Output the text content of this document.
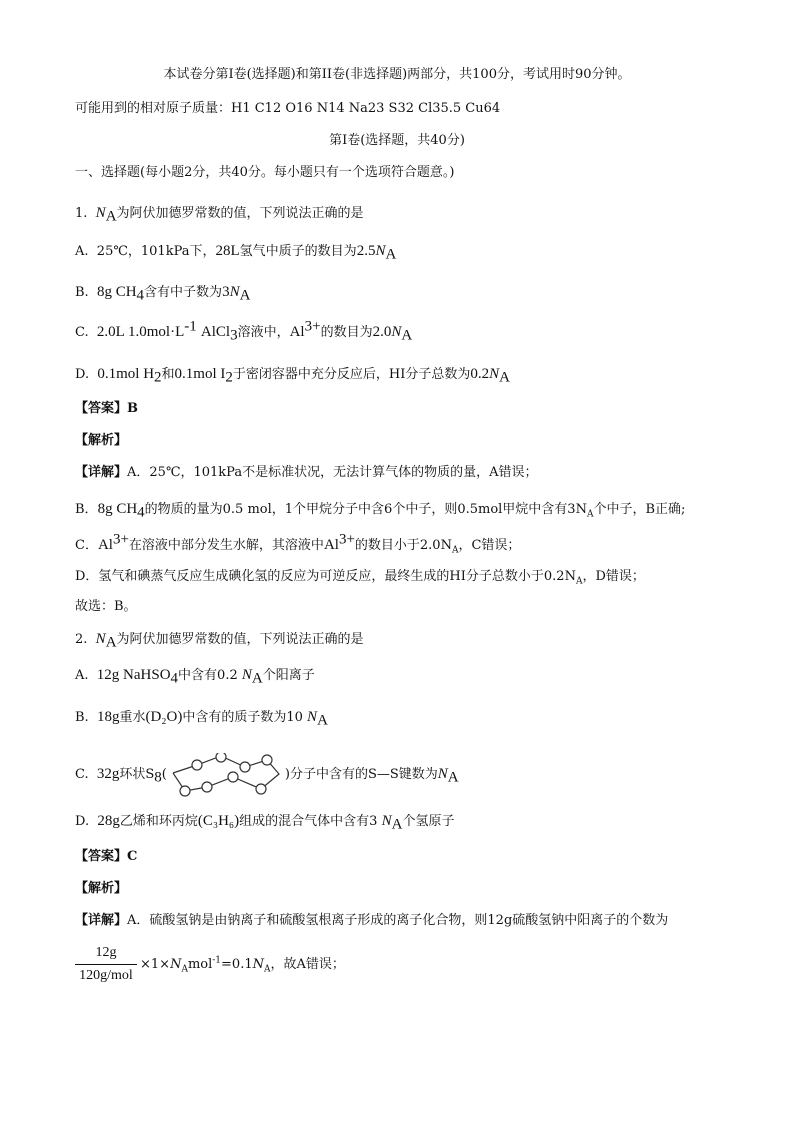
本试卷分第I卷(选择题)和第II卷(非选择题)两部分，共100分，考试用时90分钟。
可能用到的相对原子质量：H1 C12 O16 N14 Na23 S32 Cl35.5 Cu64
第I卷(选择题，共40分)
一、选择题(每小题2分，共40分。每小题只有一个选项符合题意。)
1. $N_A$为阿伏加德罗常数的值，下列说法正确的是
A. 25℃，101kPa下，28L氢气中质子的数目为$2.5N_A$
B. 8g $CH_4$含有中子数为$3N_A$
C. 2.0L $1.0mol\cdot L^{-1}$ AlCl$_3$溶液中，$Al^{3+}$的数目为$2.0N_A$
D. 0.1mol $H_2$和0.1mol $I_2$于密闭容器中充分反应后，HI分子总数为$0.2N_A$
【答案】B
【解析】
【详解】A．25℃，101kPa不是标准状况，无法计算气体的物质的量，A错误；
B．8g $CH_4$的物质的量为0.5 mol，1个甲烷分子中含6个中子，则0.5mol甲烷中含有$3N_A$个中子，B正确;
C．$Al^{3+}$在溶液中部分发生水解，其溶液中$Al^{3+}$的数目小于$2.0N_A$，C错误；
D．氢气和碘蒸气反应生成碘化氢的反应为可逆反应，最终生成的HI分子总数小于$0.2N_A$，D错误；
故选：B。
2. $N_A$为阿伏加德罗常数的值，下列说法正确的是
A. 12g NaHSO$_4$中含有0.2 $N_A$个阳离子
B. 18g重水(D₂O)中含有的质子数为10 $N_A$
C. 32g环状$S_8$(	)分子中含有的S—S键数为$N_A$
D. 28g乙烯和环丙烷(C₃H₆)组成的混合气体中含有3 $N_A$个氢原子
【答案】C
【解析】
【详解】A．硫酸氢钠是由钠离子和硫酸氢根离子形成的离子化合物，则12g硫酸氢钠中阳离子的个数为
12g
120g/mol
$\times 1\times N_Amol^{-1}=0.1N_A$，故A错误；
